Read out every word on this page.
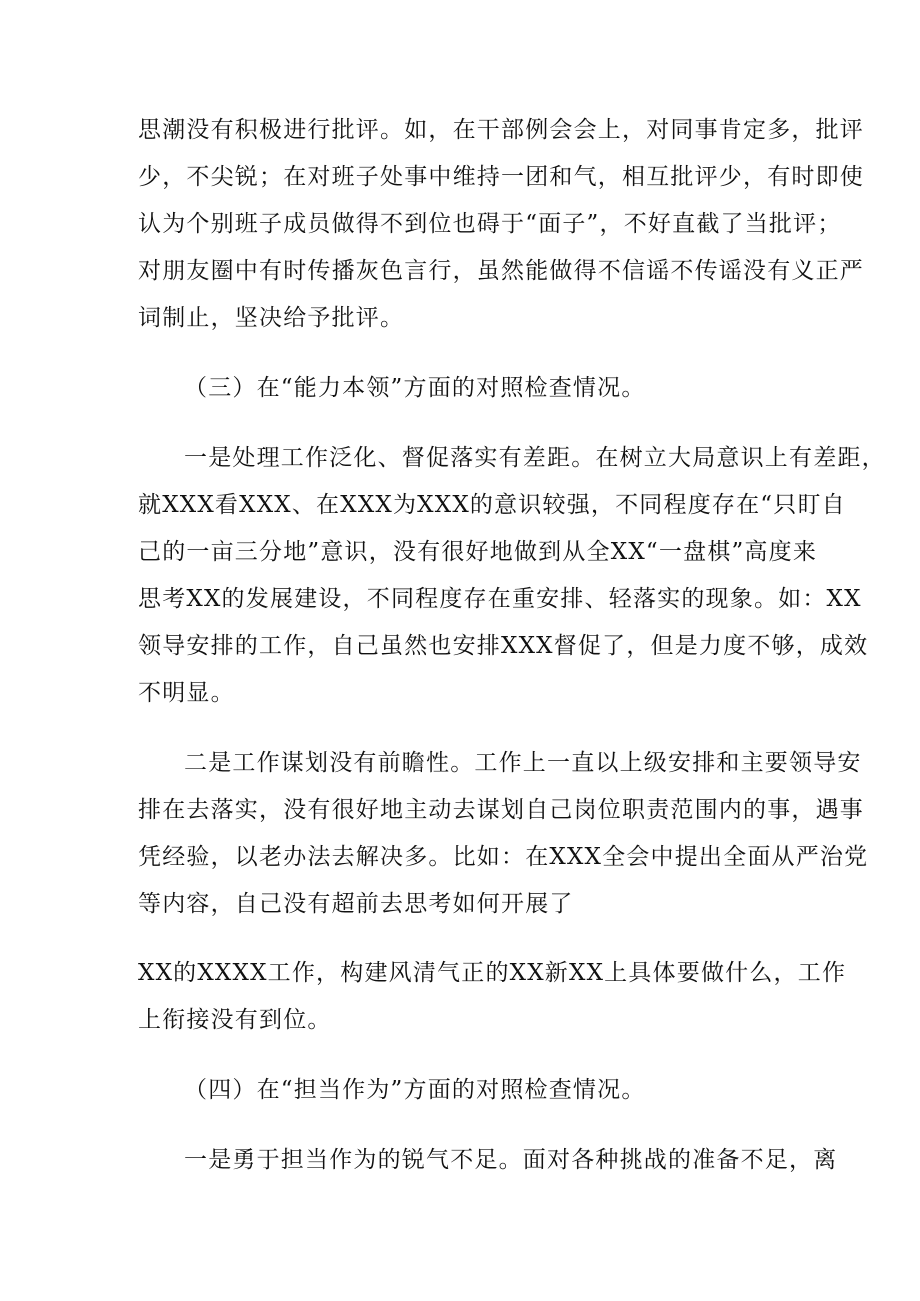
思潮没有积极进行批评。如，在干部例会会上，对同事肯定多，批评
少，不尖锐；在对班子处事中维持一团和气，相互批评少，有时即使
认为个别班子成员做得不到位也碍于“面子”，不好直截了当批评；
对朋友圈中有时传播灰色言行，虽然能做得不信谣不传谣没有义正严
词制止，坚决给予批评。
（三）在“能力本领”方面的对照检查情况。
一是处理工作泛化、督促落实有差距。在树立大局意识上有差距，
就XXX看XXX、在XXX为XXX的意识较强，不同程度存在“只盯自
己的一亩三分地”意识，没有很好地做到从全XX“一盘棋”高度来
思考XX的发展建设，不同程度存在重安排、轻落实的现象。如：XX
领导安排的工作，自己虽然也安排XXX督促了，但是力度不够，成效
不明显。
二是工作谋划没有前瞻性。工作上一直以上级安排和主要领导安
排在去落实，没有很好地主动去谋划自己岗位职责范围内的事，遇事
凭经验，以老办法去解决多。比如：在XXX全会中提出全面从严治党
等内容，自己没有超前去思考如何开展了
XX的XXXX工作，构建风清气正的XX新XX上具体要做什么，工作
上衔接没有到位。
（四）在“担当作为”方面的对照检查情况。
一是勇于担当作为的锐气不足。面对各种挑战的准备不足，离
